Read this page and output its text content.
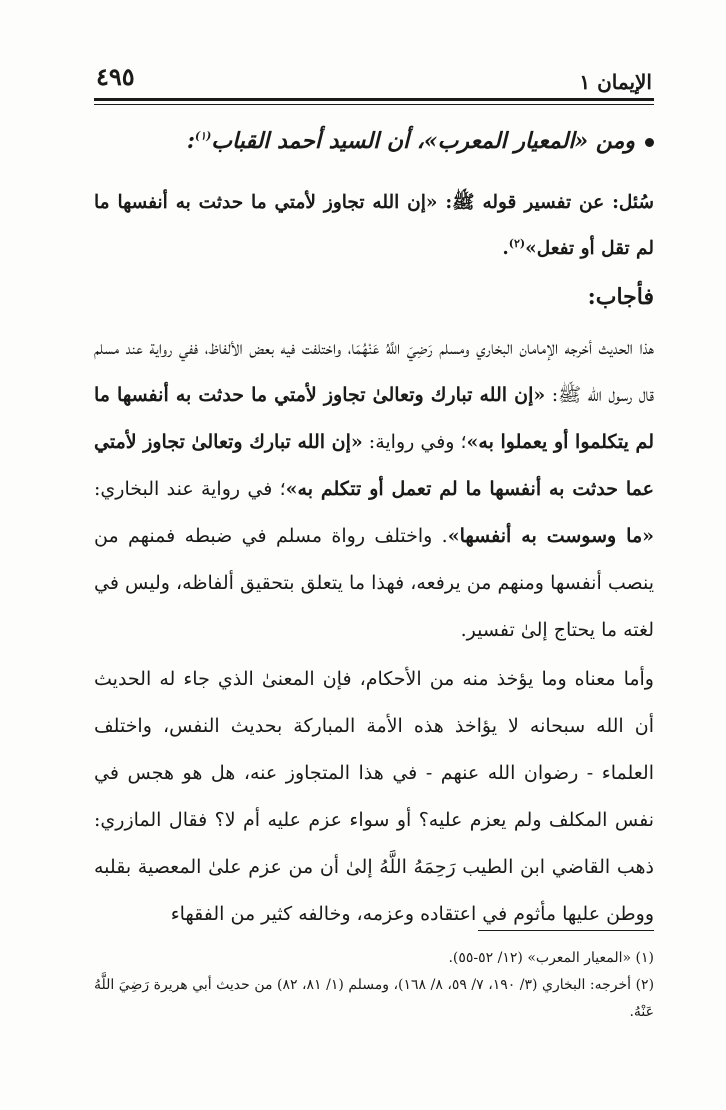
الإيمان ١
٤٩٥
ومن «المعيار المعرب»، أن السيد أحمد القباب$^{(١)}$:
سُئل: عن تفسير قوله ﷺ: «إن الله تجاوز لأمتي ما حدثت به أنفسها ما لم تقل أو تفعل»$^{(٢)}$.
فأجاب:
هذا الحديث أخرجه الإمامان البخاري ومسلم رَضِيَ اللَّهُ عَنْهُمَا، واختلفت فيه بعض الألفاظ، ففي رواية عند مسلم قال رسول الله ﷺ: «إن الله تبارك وتعالىٰ تجاوز لأمتي ما حدثت به أنفسها ما لم يتكلموا أو يعملوا به»؛ وفي رواية: «إن الله تبارك وتعالىٰ تجاوز لأمتي عما حدثت به أنفسها ما لم تعمل أو تتكلم به»؛ في رواية عند البخاري: «ما وسوست به أنفسها». واختلف رواة مسلم في ضبطه فمنهم من ينصب أنفسها ومنهم من يرفعه، فهذا ما يتعلق بتحقيق ألفاظه، وليس في لغته ما يحتاج إلىٰ تفسير.
وأما معناه وما يؤخذ منه من الأحكام، فإن المعنىٰ الذي جاء له الحديث أن الله سبحانه لا يؤاخذ هذه الأمة المباركة بحديث النفس، واختلف العلماء - رضوان الله عنهم - في هذا المتجاوز عنه، هل هو هجس في نفس المكلف ولم يعزم عليه؟ أو سواء عزم عليه أم لا؟ فقال المازري: ذهب القاضي ابن الطيب رَحِمَهُ اللَّهُ إلىٰ أن من عزم علىٰ المعصية بقلبه ووطن عليها مأثوم في اعتقاده وعزمه، وخالفه كثير من الفقهاء
(١) «المعيار المعرب» (١٢/ ٥٢-٥٥).
(٢) أخرجه: البخاري (٣/ ١٩٠، ٧/ ٥٩، ٨/ ١٦٨)، ومسلم (١/ ٨١، ٨٢) من حديث أبي هريرة رَضِيَ اللَّهُ عَنْهُ.
